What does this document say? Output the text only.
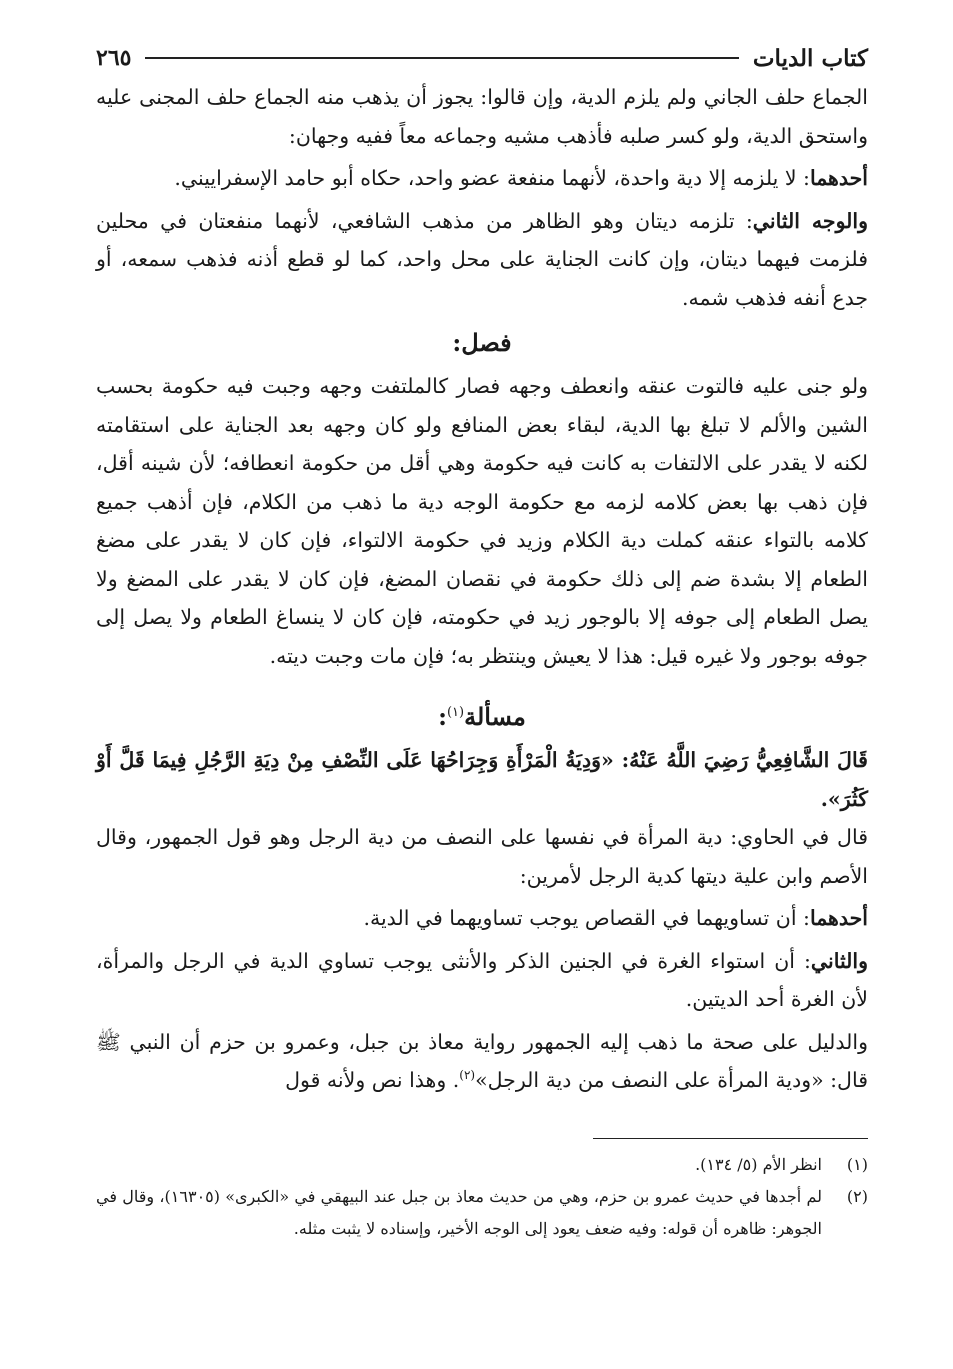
كتاب الديات
٢٦٥

الجماع حلف الجاني ولم يلزم الدية، وإن قالوا: يجوز أن يذهب منه الجماع حلف المجنى عليه واستحق الدية، ولو كسر صلبه فأذهب مشيه وجماعه معاً ففيه وجهان:

أحدهما: لا يلزمه إلا دية واحدة، لأنهما منفعة عضو واحد، حكاه أبو حامد الإسفراييني.

والوجه الثاني: تلزمه ديتان وهو الظاهر من مذهب الشافعي، لأنهما منفعتان في محلين فلزمت فيهما ديتان، وإن كانت الجناية على محل واحد، كما لو قطع أذنه فذهب سمعه، أو جدع أنفه فذهب شمه.

فصل:

ولو جنى عليه فالتوت عنقه وانعطف وجهه فصار كالملتفت وجهه وجبت فيه حكومة بحسب الشين والألم لا تبلغ بها الدية، لبقاء بعض المنافع ولو كان وجهه بعد الجناية على استقامته لكنه لا يقدر على الالتفات به كانت فيه حكومة وهي أقل من حكومة انعطافه؛ لأن شينه أقل، فإن ذهب بها بعض كلامه لزمه مع حكومة الوجه دية ما ذهب من الكلام، فإن أذهب جميع كلامه بالتواء عنقه كملت دية الكلام وزيد في حكومة الالتواء، فإن كان لا يقدر على مضغ الطعام إلا بشدة ضم إلى ذلك حكومة في نقصان المضغ، فإن كان لا يقدر على المضغ ولا يصل الطعام إلى جوفه إلا بالوجور زيد في حكومته، فإن كان لا ينساغ الطعام ولا يصل إلى جوفه بوجور ولا غيره قيل: هذا لا يعيش وينتظر به؛ فإن مات وجبت ديته.

مسألة$^{(١)}$:

قَالَ الشَّافِعِيُّ رَضِيَ اللَّهُ عَنْهُ: «وَدِيَةُ الْمَرْأَةِ وَجِرَاحُهَا عَلَى النِّصْفِ مِنْ دِيَةِ الرَّجُلِ فِيمَا قَلَّ أَوْ كَثُرَ».

قال في الحاوي: دية المرأة في نفسها على النصف من دية الرجل وهو قول الجمهور، وقال الأصم وابن علية ديتها كدية الرجل لأمرين:

أحدهما: أن تساويهما في القصاص يوجب تساويهما في الدية.

والثاني: أن استواء الغرة في الجنين الذكر والأنثى يوجب تساوي الدية في الرجل والمرأة، لأن الغرة أحد الديتين.

والدليل على صحة ما ذهب إليه الجمهور رواية معاذ بن جبل، وعمرو بن حزم أن النبي ﷺ قال: «ودية المرأة على النصف من دية الرجل»$^{(٢)}$. وهذا نص ولأنه قول

(١)
انظر الأم (٥/ ١٣٤).
(٢)
لم أجدها في حديث عمرو بن حزم، وهي من حديث معاذ بن جبل عند البيهقي في «الكبرى» (١٦٣٠٥)، وقال في الجوهر: ظاهره أن قوله: وفيه ضعف يعود إلى الوجه الأخير، وإسناده لا يثبت مثله.
